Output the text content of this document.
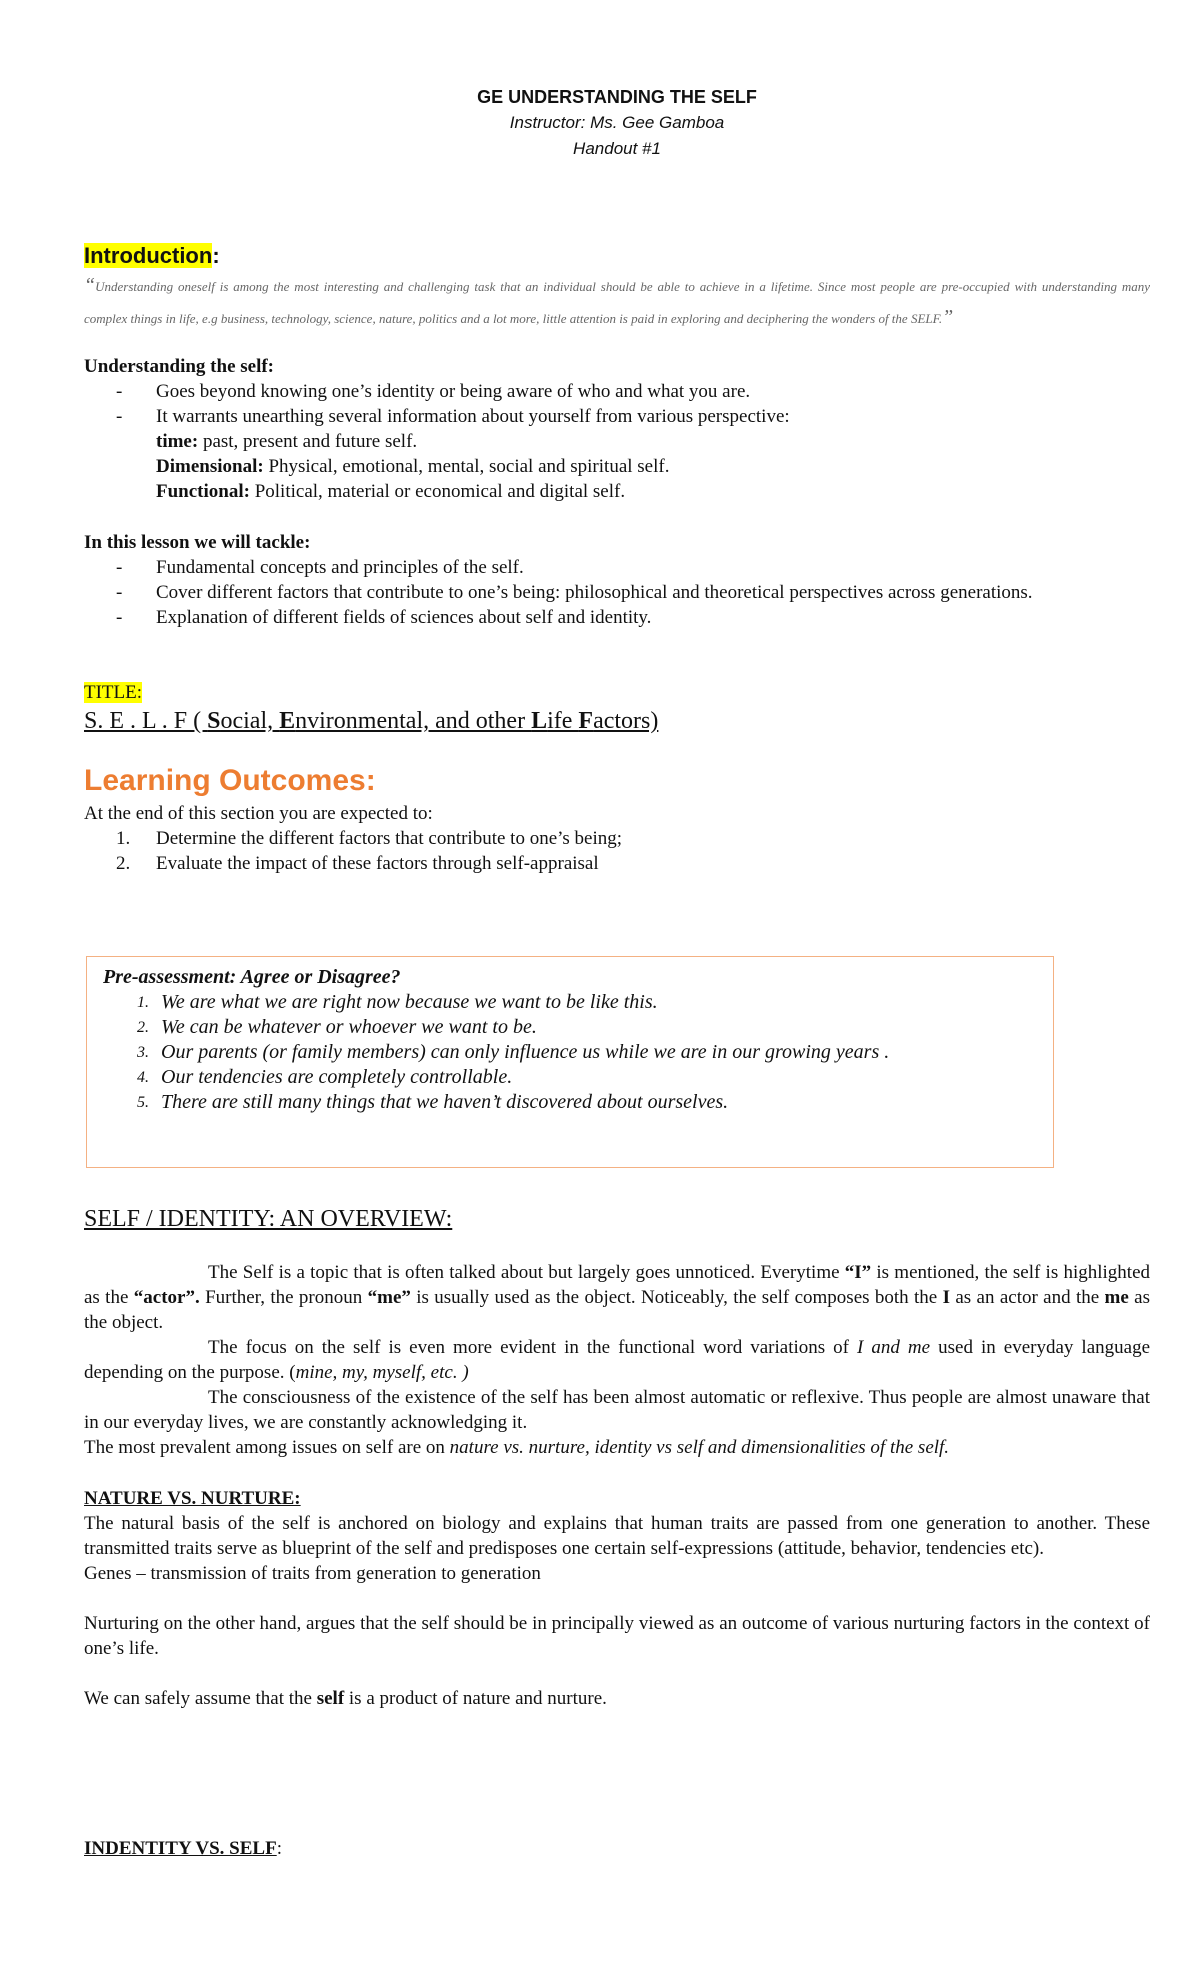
GE UNDERSTANDING THE SELF
Instructor: Ms. Gee Gamboa
Handout #1
Introduction:

“Understanding oneself is among the most interesting and challenging task that an individual should be able to achieve in a lifetime. Since most people are pre-occupied with understanding many complex things in life, e.g business, technology, science, nature, politics and a lot more, little attention is paid in exploring and deciphering the wonders of the SELF.”

Understanding the self:
- Goes beyond knowing one’s identity or being aware of who and what you are.
- It warrants unearthing several information about yourself from various perspective:
time: past, present and future self.
Dimensional: Physical, emotional, mental, social and spiritual self.
Functional: Political, material or economical and digital self.
In this lesson we will tackle:
- Fundamental concepts and principles of the self.
- Cover different factors that contribute to one’s being: philosophical and theoretical perspectives across generations.
- Explanation of different fields of sciences about self and identity.
TITLE:
S. E . L . F ( Social, Environmental, and other Life Factors)
Learning Outcomes:
At the end of this section you are expected to:
1. Determine the different factors that contribute to one’s being;
2. Evaluate the impact of these factors through self-appraisal
Pre-assessment: Agree or Disagree?
1. We are what we are right now because we want to be like this.
2. We can be whatever or whoever we want to be.
3. Our parents (or family members) can only influence us while we are in our growing years .
4. Our tendencies are completely controllable.
5. There are still many things that we haven’t discovered about ourselves.
SELF / IDENTITY: AN OVERVIEW:

The Self is a topic that is often talked about but largely goes unnoticed. Everytime “I” is mentioned, the self is highlighted as the “actor”. Further, the pronoun “me” is usually used as the object. Noticeably, the self composes both the I as an actor and the me as the object.

The focus on the self is even more evident in the functional word variations of I and me used in everyday language depending on the purpose. (mine, my, myself, etc. )

The consciousness of the existence of the self has been almost automatic or reflexive. Thus people are almost unaware that in our everyday lives, we are constantly acknowledging it.

The most prevalent among issues on self are on nature vs. nurture, identity vs self and dimensionalities of the self.

NATURE VS. NURTURE:

The natural basis of the self is anchored on biology and explains that human traits are passed from one generation to another. These transmitted traits serve as blueprint of the self and predisposes one certain self-expressions (attitude, behavior, tendencies etc).

Genes – transmission of traits from generation to generation

Nurturing on the other hand, argues that the self should be in principally viewed as an outcome of various nurturing factors in the context of one’s life.

We can safely assume that the self is a product of nature and nurture.

INDENTITY VS. SELF:
